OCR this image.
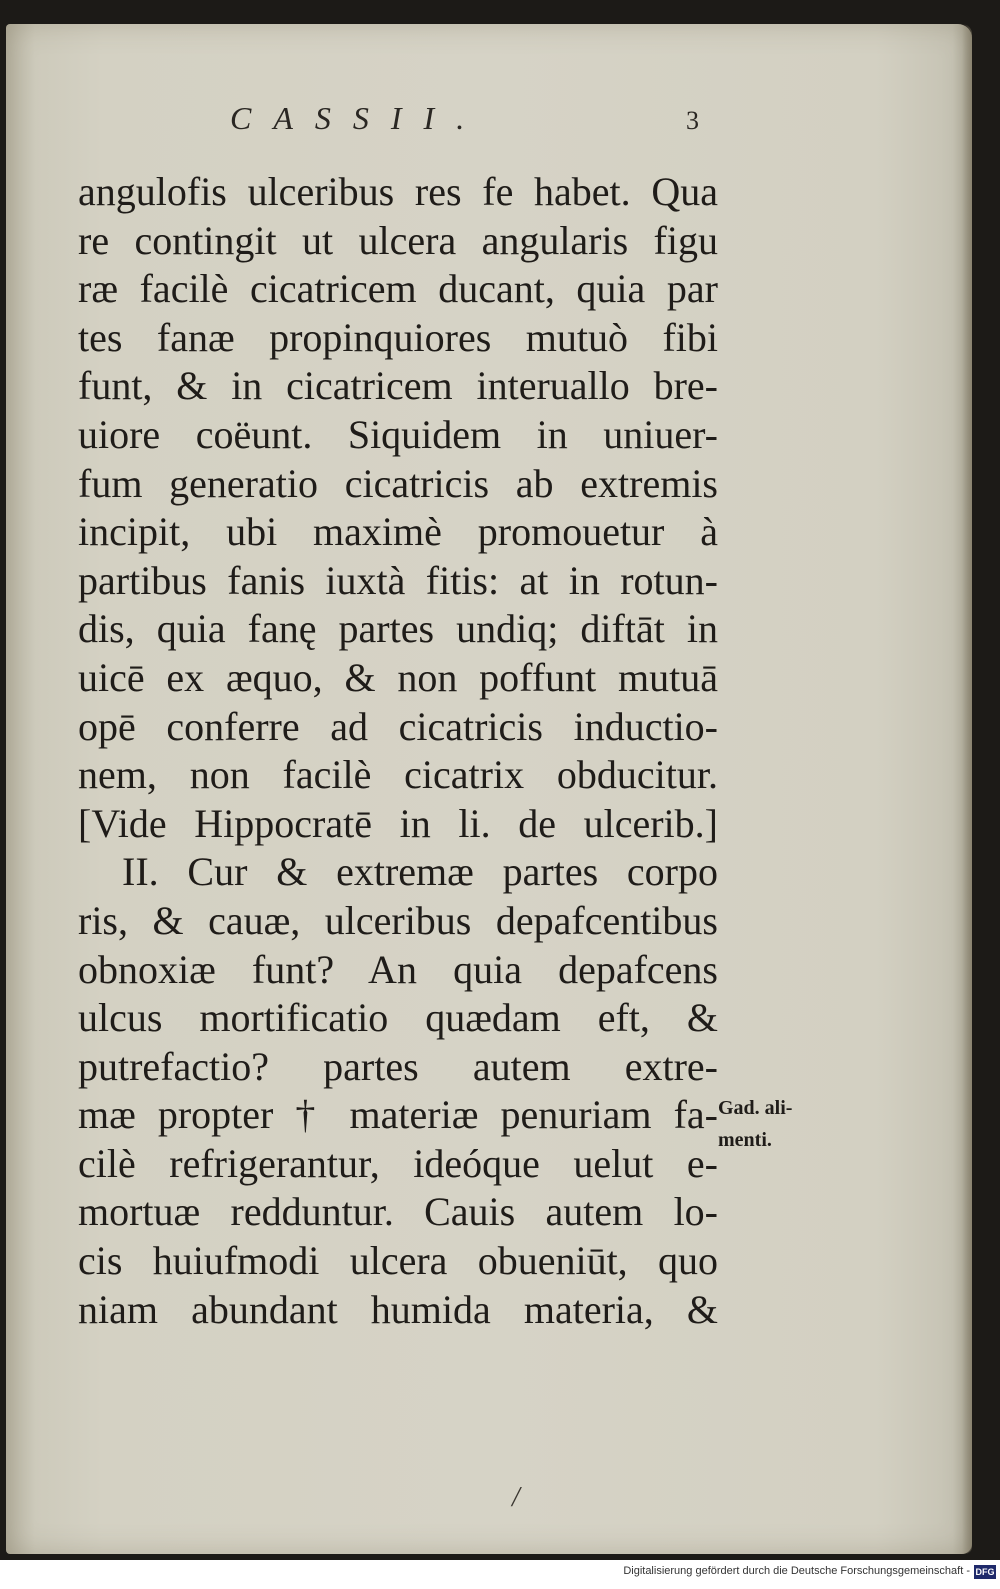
CASSII.	3
angulofis ulceribus res fe habet. Qua
re contingit ut ulcera angularis figu
ræ facilè cicatricem ducant, quia par
tes fanæ propinquiores mutuò fibi
funt, & in cicatricem interuallo bre-
uiore coëunt. Siquidem in uniuer-
fum generatio cicatricis ab extremis
incipit, ubi maximè promouetur à
partibus fanis iuxtà fitis: at in rotun-
dis, quia fanę partes undiq; diftāt in
uicē ex æquo, & non poffunt mutuā
opē conferre ad cicatricis inductio-
nem, non facilè cicatrix obducitur.
[Vide Hippocratē in li. de ulcerib.]
II. Cur & extremæ partes corpo
ris, & cauæ, ulceribus depafcentibus
obnoxiæ funt? An quia depafcens
ulcus mortificatio quædam eft, &
putrefactio? partes autem extre-
mæ propter † materiæ penuriam fa-
cilè refrigerantur, ideóque uelut e-
mortuæ redduntur. Cauis autem lo-
cis huiufmodi ulcera obueniūt, quo
niam abundant humida materia, &
Gad. ali-
menti.
/
Digitalisierung gefördert durch die Deutsche Forschungsgemeinschaft - DFG
